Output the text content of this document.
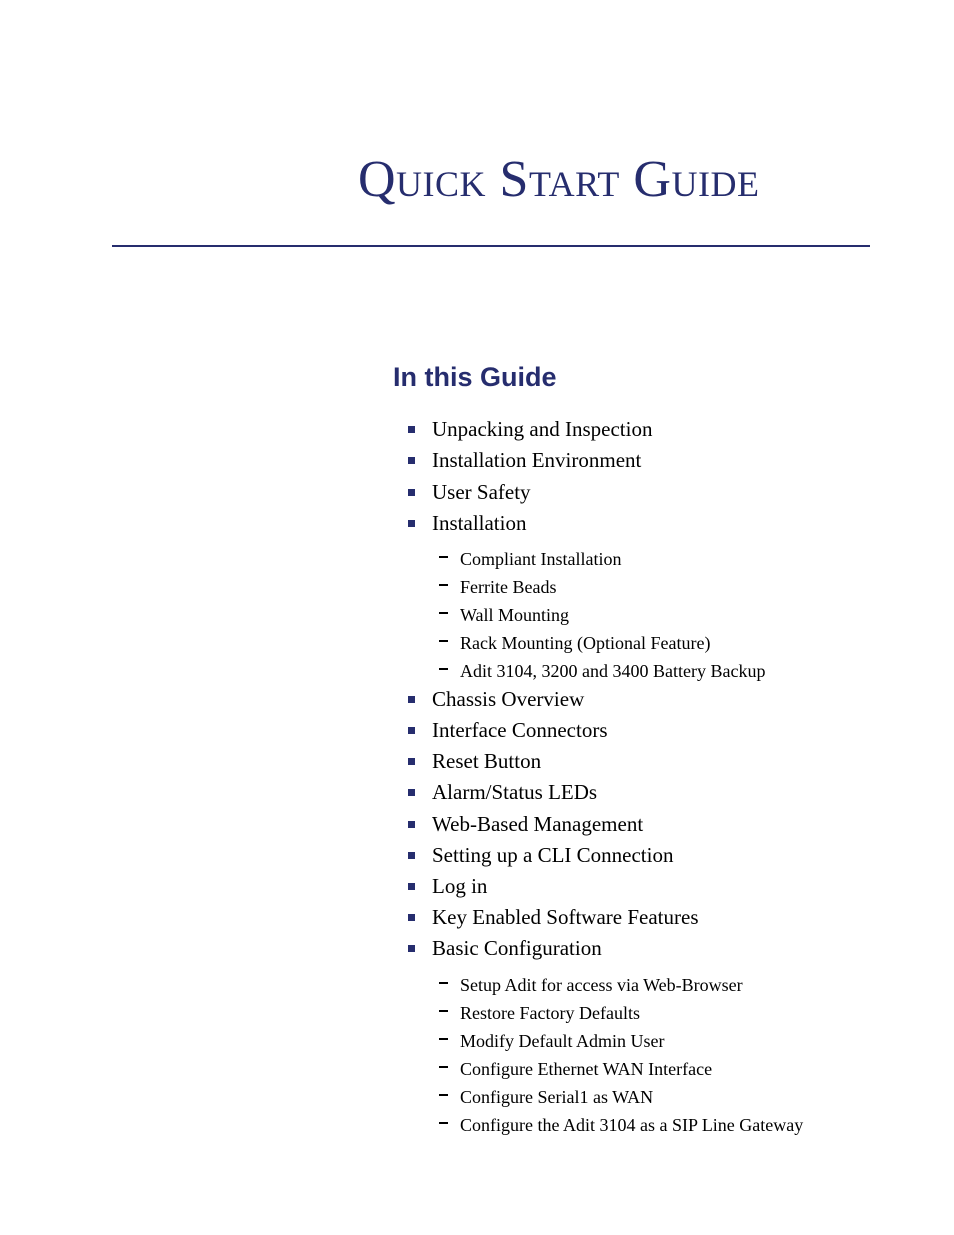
Quick Start Guide
In this Guide
Unpacking and Inspection
Installation Environment
User Safety
Installation
Compliant Installation
Ferrite Beads
Wall Mounting
Rack Mounting (Optional Feature)
Adit 3104, 3200 and 3400 Battery Backup
Chassis Overview
Interface Connectors
Reset Button
Alarm/Status LEDs
Web-Based Management
Setting up a CLI Connection
Log in
Key Enabled Software Features
Basic Configuration
Setup Adit for access via Web-Browser
Restore Factory Defaults
Modify Default Admin User
Configure Ethernet WAN Interface
Configure Serial1 as WAN
Configure the Adit 3104 as a SIP Line Gateway
